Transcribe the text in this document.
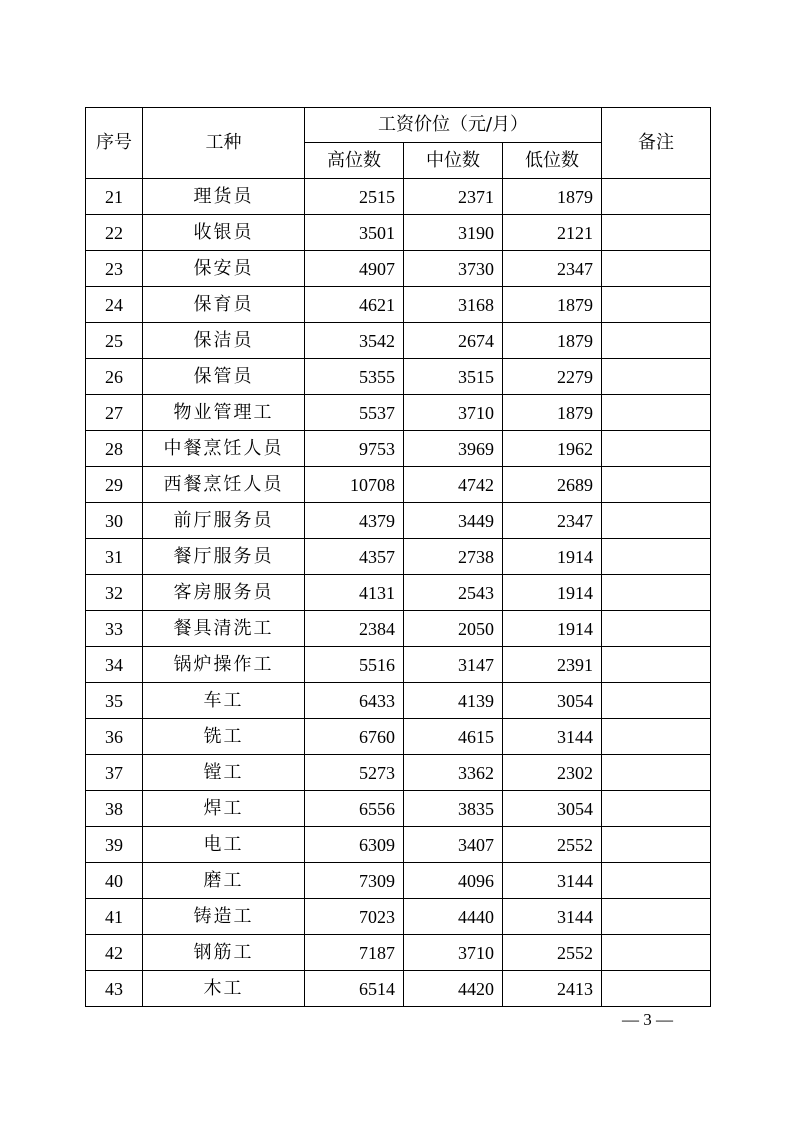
序号	工种	工资价位（元/月）			备注
		高位数	中位数	低位数	
21	理货员	2515	2371	1879	
22	收银员	3501	3190	2121	
23	保安员	4907	3730	2347	
24	保育员	4621	3168	1879	
25	保洁员	3542	2674	1879	
26	保管员	5355	3515	2279	
27	物业管理工	5537	3710	1879	
28	中餐烹饪人员	9753	3969	1962	
29	西餐烹饪人员	10708	4742	2689	
30	前厅服务员	4379	3449	2347	
31	餐厅服务员	4357	2738	1914	
32	客房服务员	4131	2543	1914	
33	餐具清洗工	2384	2050	1914	
34	锅炉操作工	5516	3147	2391	
35	车工	6433	4139	3054	
36	铣工	6760	4615	3144	
37	镗工	5273	3362	2302	
38	焊工	6556	3835	3054	
39	电工	6309	3407	2552	
40	磨工	7309	4096	3144	
41	铸造工	7023	4440	3144	
42	钢筋工	7187	3710	2552	
43	木工	6514	4420	2413	
— 3 —
